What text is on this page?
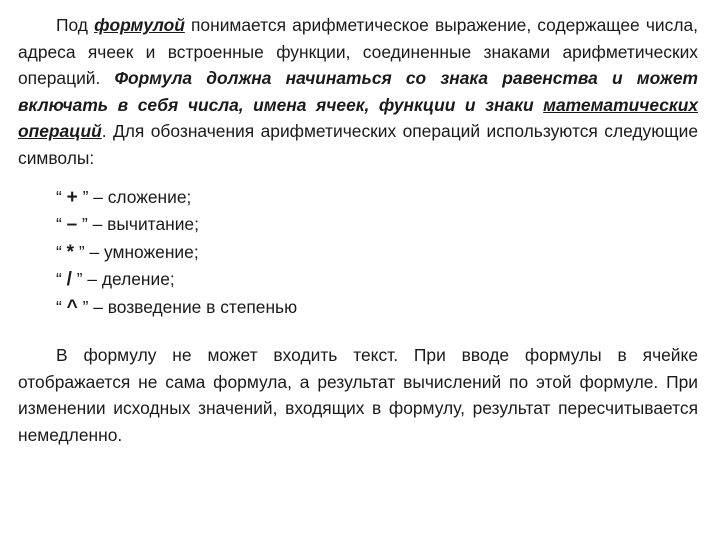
Под формулой понимается арифметическое выражение, содержащее числа, адреса ячеек и встроенные функции, соединенные знаками арифметических операций. Формула должна начинаться со знака равенства и может включать в себя числа, имена ячеек, функции и знаки математических операций. Для обозначения арифметических операций используются следующие символы:

“ + ” – сложение;
“ – ” – вычитание;
“ * ” – умножение;
“ / ” – деление;
“ ^ ” – возведение в степенью

В формулу не может входить текст. При вводе формулы в ячейке отображается не сама формула, а результат вычислений по этой формуле. При изменении исходных значений, входящих в формулу, результат пересчитывается немедленно.
